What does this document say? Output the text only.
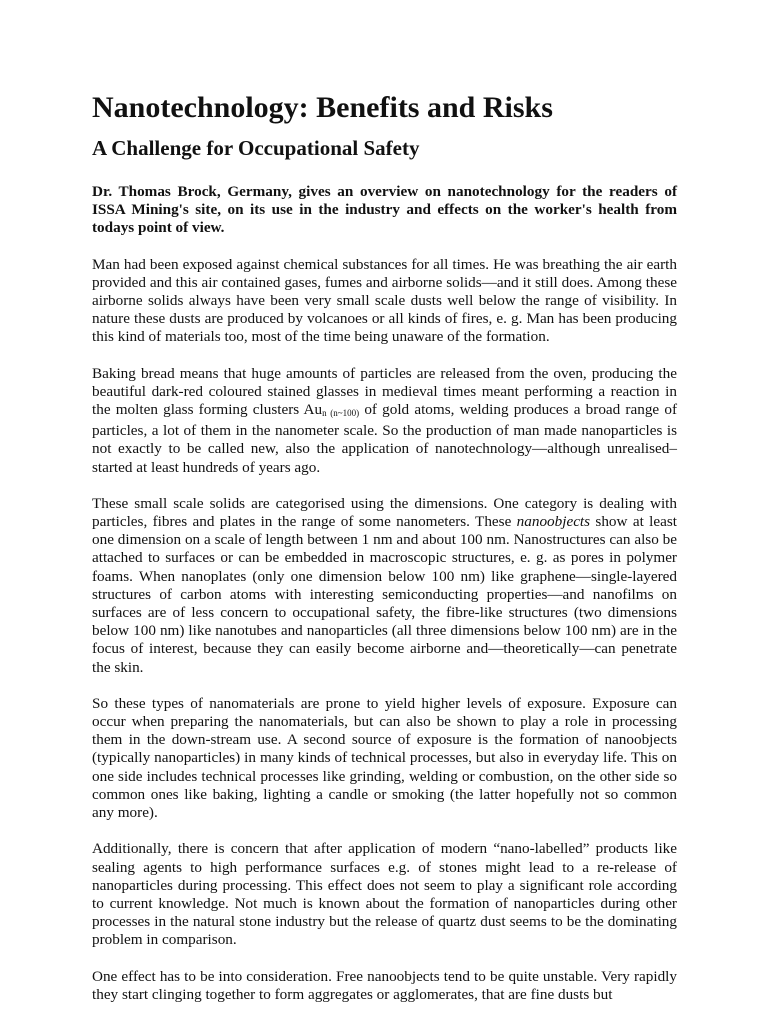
Nanotechnology: Benefits and Risks
A Challenge for Occupational Safety

Dr. Thomas Brock, Germany, gives an overview on nanotechnology for the readers of ISSA Mining's site, on its use in the industry and effects on the worker's health from todays point of view.

Man had been exposed against chemical substances for all times. He was breathing the air earth provided and this air contained gases, fumes and airborne solids—and it still does. Among these airborne solids always have been very small scale dusts well below the range of visibility. In nature these dusts are produced by volcanoes or all kinds of fires, e. g. Man has been producing this kind of materials too, most of the time being unaware of the formation.

Baking bread means that huge amounts of particles are released from the oven, producing the beautiful dark-red coloured stained glasses in medieval times meant performing a reaction in the molten glass forming clusters $Au_{n (n\sim 100)}$ of gold atoms, welding produces a broad range of particles, a lot of them in the nanometer scale. So the production of man made nanoparticles is not exactly to be called new, also the application of nanotechnology—although unrealised– started at least hundreds of years ago.

These small scale solids are categorised using the dimensions. One category is dealing with particles, fibres and plates in the range of some nanometers. These nanoobjects show at least one dimension on a scale of length between 1 nm and about 100 nm. Nanostructures can also be attached to surfaces or can be embedded in macroscopic structures, e. g. as pores in polymer foams. When nanoplates (only one dimension below 100 nm) like graphene—single-layered structures of carbon atoms with interesting semiconducting properties—and nanofilms on surfaces are of less concern to occupational safety, the fibre-like structures (two dimensions below 100 nm) like nanotubes and nanoparticles (all three dimensions below 100 nm) are in the focus of interest, because they can easily become airborne and—theoretically—can penetrate the skin.

So these types of nanomaterials are prone to yield higher levels of exposure. Exposure can occur when preparing the nanomaterials, but can also be shown to play a role in processing them in the down-stream use. A second source of exposure is the formation of nanoobjects (typically nanoparticles) in many kinds of technical processes, but also in everyday life. This on one side includes technical processes like grinding, welding or combustion, on the other side so common ones like baking, lighting a candle or smoking (the latter hopefully not so common any more).

Additionally, there is concern that after application of modern “nano-labelled” products like sealing agents to high performance surfaces e.g. of stones might lead to a re-release of nanoparticles during processing. This effect does not seem to play a significant role according to current knowledge. Not much is known about the formation of nanoparticles during other processes in the natural stone industry but the release of quartz dust seems to be the dominating problem in comparison.

One effect has to be into consideration. Free nanoobjects tend to be quite unstable. Very rapidly they start clinging together to form aggregates or agglomerates, that are fine dusts but
